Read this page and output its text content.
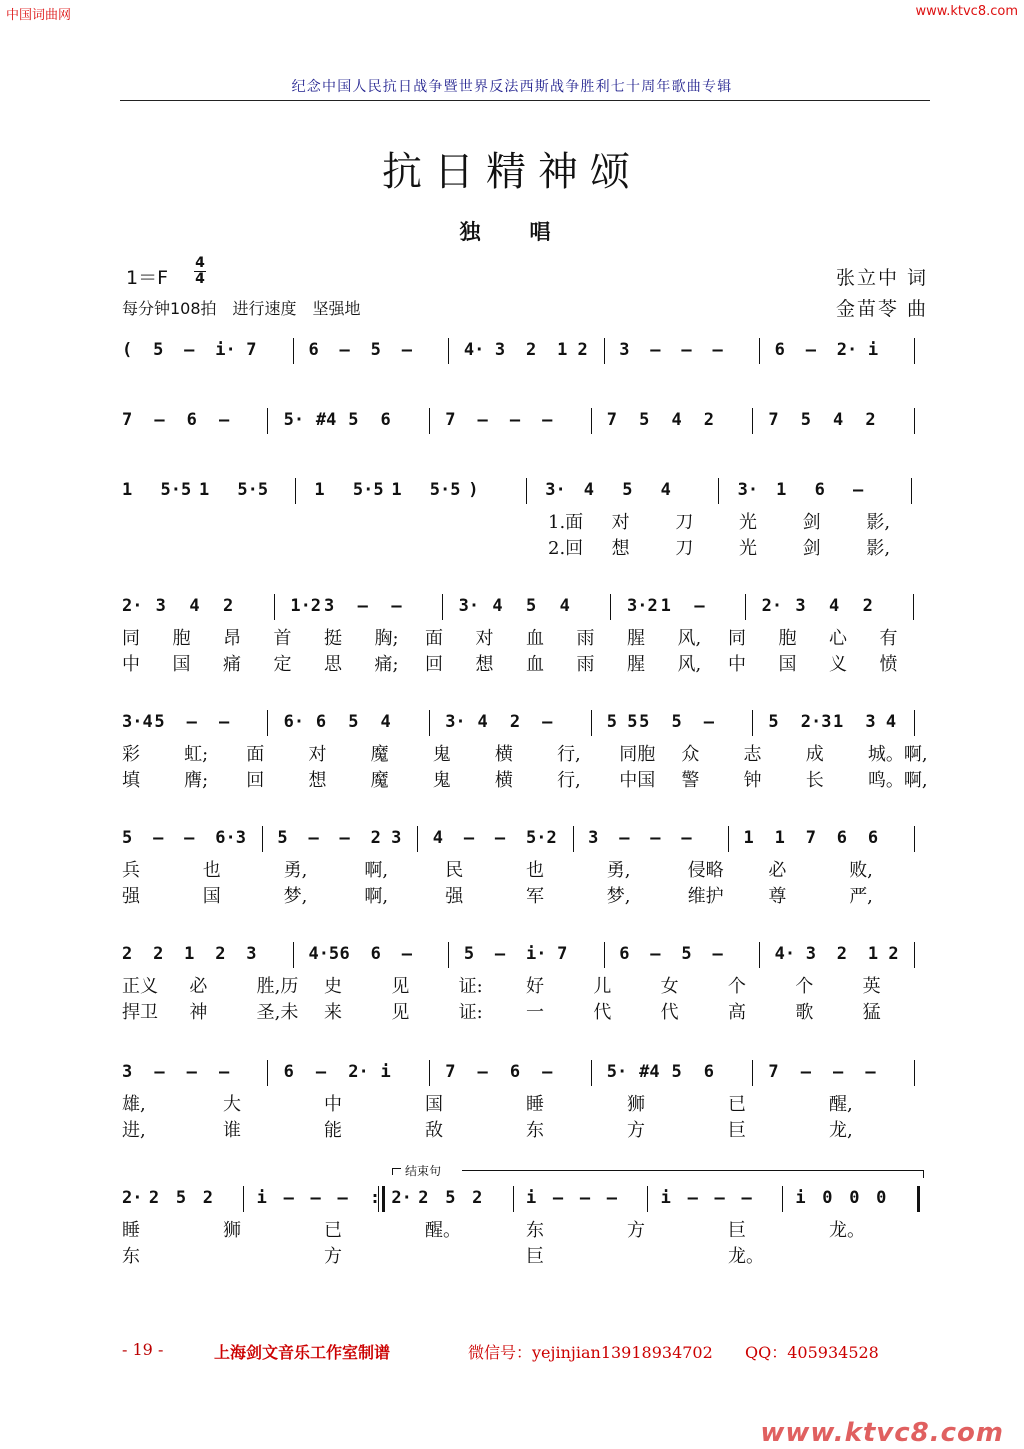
中国词曲网	www.ktvc8.com
纪念中国人民抗日战争暨世界反法西斯战争胜利七十周年歌曲专辑
抗日精神颂
独　唱
1＝F
4
4
每分钟108拍　进行速度　坚强地
张立中 词
金苗苓 曲
( 5 – i· 7	6 – 5 –	4· 3 2 1 2 3 – – –	6 – 2· i
7 – 6 –	5· #4 5 6	7 – – –	7 5 4 2	7 5 4 2
1 5·5 1 5·5	1 5·5 1 5·5 )	3· 4 5 4	3· 1 6 –
1.面 对	刀	光	剑	影,
2.回 想	刀	光	剑	影,
2· 3 4 2	1·2 3 – –	3· 4 5 4	3·2 1 –	2· 3 4 2
同 胞 昂 首 挺 胸; 面 对 血 雨 腥 风, 同 胞 心 有
中 国 痛 定 思 痛; 回 想 血 雨 腥 风, 中 国 义 愤
3·4 5 – –	6· 6 5 4	3· 4 2 –	5 5 5 5 –	5 2·3 1 3 4
彩 虹; 面 对 魔 鬼 横 行, 同胞 众 志 成 城。啊,
填 膺; 回 想 魔 鬼 横 行, 中国 警 钟 长 鸣。啊,
5 – – 6·3 5 – – 2 3 4 – – 5·2 3 – – –	1 1 7 6 6
兵	也	勇,	啊,	民	也	勇,	侵略 必	败,
强	国	梦,	啊,	强	军	梦,	维护 尊	严,
2 2 1 2 3	4·5 6 6 –	5 – i· 7	6 – 5 –	4· 3 2 1 2
正义 必	胜,历 史	见	证: 好	儿	女	个	个	英
捍卫 神	圣,未 来	见	证: 一	代	代	高	歌	猛
3 – – –	6 – 2· i	7 – 6 –	5· #4 5 6	7 – – –
雄,	大	中	国	睡	狮	已	醒,
进,	谁	能	敌	东	方	巨	龙,
2· 2 5 2	i – – – : 2· 2 5 2	i – – –	i – – –	i 0 0 0
睡	狮	已	醒。	东	方	巨	龙。
东	方	巨	龙。
结束句
- 19 -	上海剑文音乐工作室制谱	微信号：yejinjian13918934702 QQ：405934528
www.ktvc8.com
